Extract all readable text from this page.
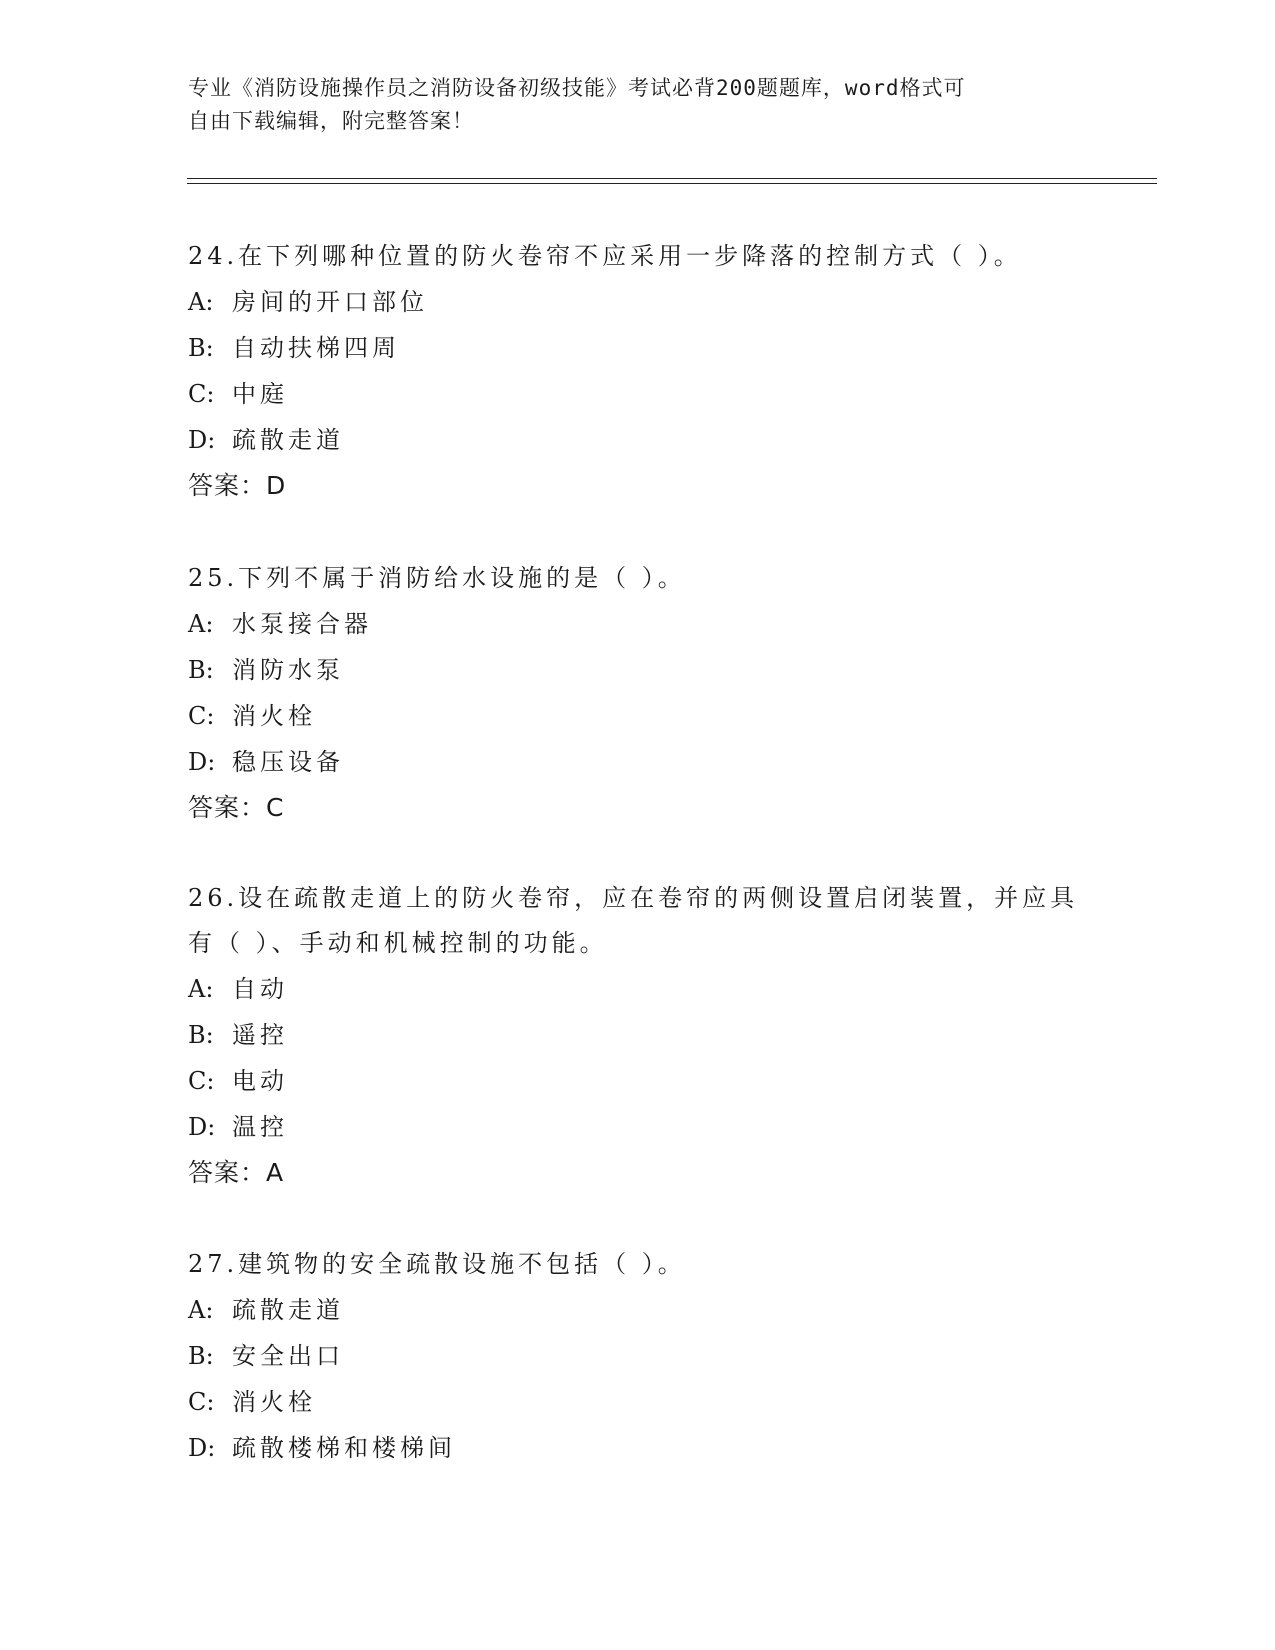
专业《消防设施操作员之消防设备初级技能》考试必背200题题库，word格式可
自由下载编辑，附完整答案！

24.在下列哪种位置的防火卷帘不应采用一步降落的控制方式（ ）。

A: 房间的开口部位
B: 自动扶梯四周
C: 中庭
D: 疏散走道
答案：D

25.下列不属于消防给水设施的是（ ）。

A: 水泵接合器
B: 消防水泵
C: 消火栓
D: 稳压设备
答案：C

26.设在疏散走道上的防火卷帘，应在卷帘的两侧设置启闭装置，并应具有（ ）、手动和机械控制的功能。

A: 自动
B: 遥控
C: 电动
D: 温控
答案：A

27.建筑物的安全疏散设施不包括（ ）。

A: 疏散走道
B: 安全出口
C: 消火栓
D: 疏散楼梯和楼梯间
